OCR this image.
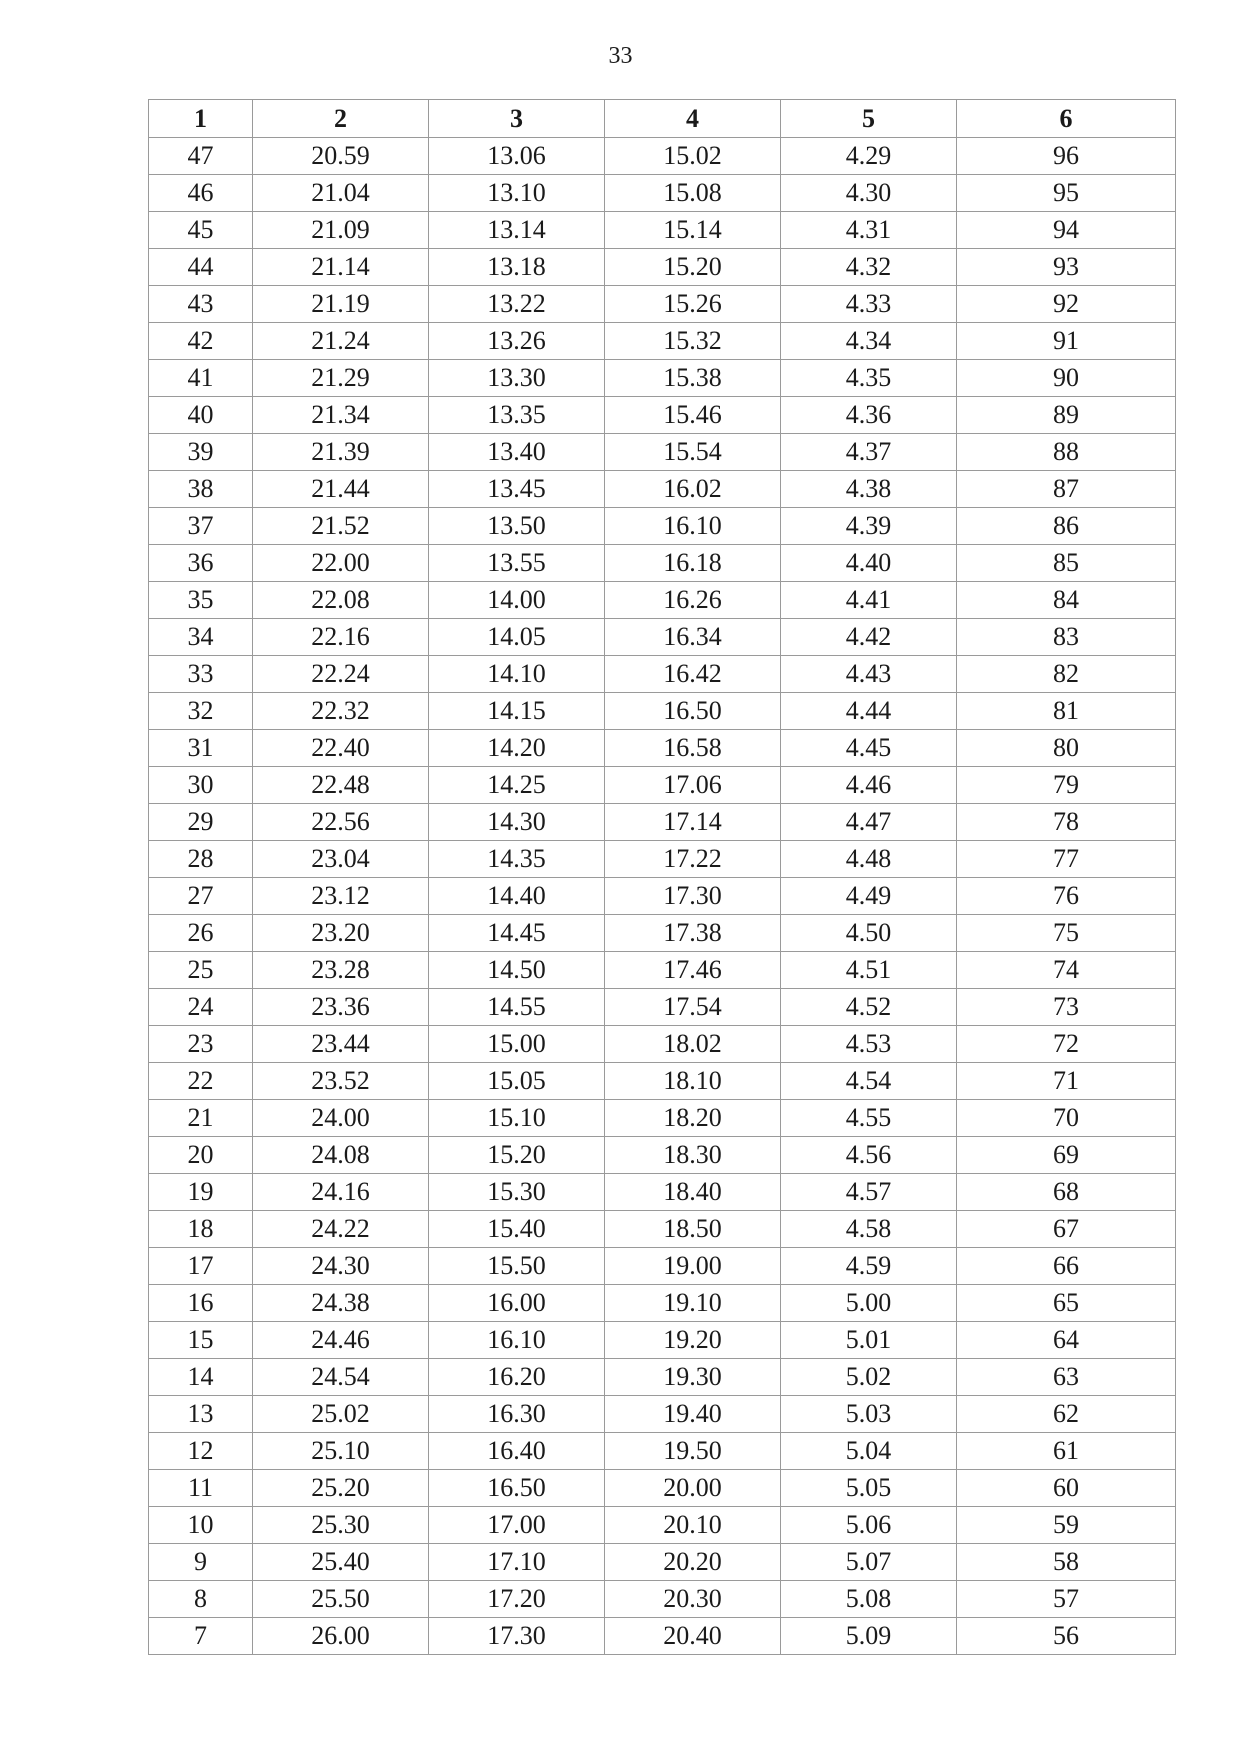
33
1	2	3	4	5	6
47	20.59	13.06	15.02	4.29	96
46	21.04	13.10	15.08	4.30	95
45	21.09	13.14	15.14	4.31	94
44	21.14	13.18	15.20	4.32	93
43	21.19	13.22	15.26	4.33	92
42	21.24	13.26	15.32	4.34	91
41	21.29	13.30	15.38	4.35	90
40	21.34	13.35	15.46	4.36	89
39	21.39	13.40	15.54	4.37	88
38	21.44	13.45	16.02	4.38	87
37	21.52	13.50	16.10	4.39	86
36	22.00	13.55	16.18	4.40	85
35	22.08	14.00	16.26	4.41	84
34	22.16	14.05	16.34	4.42	83
33	22.24	14.10	16.42	4.43	82
32	22.32	14.15	16.50	4.44	81
31	22.40	14.20	16.58	4.45	80
30	22.48	14.25	17.06	4.46	79
29	22.56	14.30	17.14	4.47	78
28	23.04	14.35	17.22	4.48	77
27	23.12	14.40	17.30	4.49	76
26	23.20	14.45	17.38	4.50	75
25	23.28	14.50	17.46	4.51	74
24	23.36	14.55	17.54	4.52	73
23	23.44	15.00	18.02	4.53	72
22	23.52	15.05	18.10	4.54	71
21	24.00	15.10	18.20	4.55	70
20	24.08	15.20	18.30	4.56	69
19	24.16	15.30	18.40	4.57	68
18	24.22	15.40	18.50	4.58	67
17	24.30	15.50	19.00	4.59	66
16	24.38	16.00	19.10	5.00	65
15	24.46	16.10	19.20	5.01	64
14	24.54	16.20	19.30	5.02	63
13	25.02	16.30	19.40	5.03	62
12	25.10	16.40	19.50	5.04	61
11	25.20	16.50	20.00	5.05	60
10	25.30	17.00	20.10	5.06	59
9	25.40	17.10	20.20	5.07	58
8	25.50	17.20	20.30	5.08	57
7	26.00	17.30	20.40	5.09	56
